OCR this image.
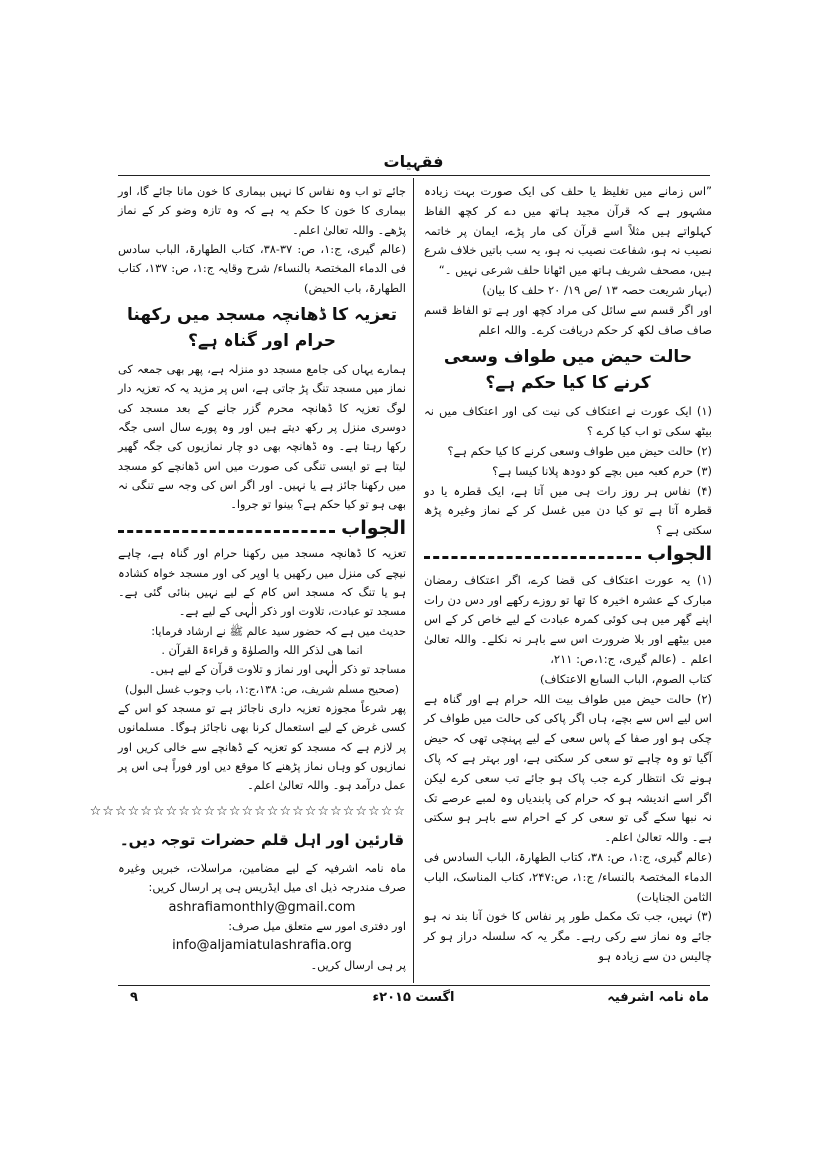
فقہیات

”اس زمانے میں تغلیظ یا حلف کی ایک صورت بہت زیادہ مشہور ہے کہ قرآن مجید ہاتھ میں دے کر کچھ الفاظ کہلواتے ہیں مثلاً اسے قرآن کی مار پڑے، ایمان پر خاتمہ نصیب نہ ہو، شفاعت نصیب نہ ہو، یہ سب باتیں خلاف شرع ہیں، مصحف شریف ہاتھ میں اٹھانا حلف شرعی نہیں ۔“

(بہار شریعت حصہ ۱۳ /ص ۱۹/ ۲۰ حلف کا بیان)

اور اگر قسم سے سائل کی مراد کچھ اور ہے تو الفاظ قسم صاف صاف لکھ کر حکم دریافت کرے۔ واللہ اعلم

حالت حیض میں طواف وسعی کرنے کا کیا حکم ہے؟

(۱) ایک عورت نے اعتکاف کی نیت کی اور اعتکاف میں نہ بیٹھ سکی تو اب کیا کرے ؟

(۲) حالت حیض میں طواف وسعی کرنے کا کیا حکم ہے؟

(۳) حرم کعبہ میں بچے کو دودھ پلانا کیسا ہے؟

(۴) نفاس ہر روز رات ہی میں آتا ہے، ایک قطرہ یا دو قطرہ آتا ہے تو کیا دن میں غسل کر کے نماز وغیرہ پڑھ سکتی ہے ؟

الجواب

(۱) یہ عورت اعتکاف کی قضا کرے، اگر اعتکاف رمضان مبارک کے عشرہ اخیرہ کا تھا تو روزے رکھے اور دس دن رات اپنے گھر میں ہی کوئی کمرہ عبادت کے لیے خاص کر کے اس میں بیٹھے اور بلا ضرورت اس سے باہر نہ نکلے۔ واللہ تعالیٰ اعلم ۔ (عالم گیری، ج:۱،ص: ۲۱۱،

کتاب الصوم، الباب السابع الاعتکاف)

(۲) حالت حیض میں طواف بیت اللہ حرام ہے اور گناہ ہے اس لیے اس سے بچے، ہاں اگر پاکی کی حالت میں طواف کر چکی ہو اور صفا کے پاس سعی کے لیے پہنچی تھی کہ حیض آگیا تو وہ چاہے تو سعی کر سکتی ہے، اور بہتر ہے کہ پاک ہونے تک انتظار کرے جب پاک ہو جائے تب سعی کرے لیکن اگر اسے اندیشہ ہو کہ حرام کی پابندیاں وہ لمبے عرصے تک نہ نبھا سکے گی تو سعی کر کے احرام سے باہر ہو سکتی ہے۔ واللہ تعالیٰ اعلم۔

(عالم گیری، ج:۱، ص: ۳۸، کتاب الطھارۃ، الباب السادس فی الدماء المختصۃ بالنساء/ ج:۱، ص:۲۴۷، کتاب المناسک، الباب الثامن الجنایات)

(۳) نہیں، جب تک مکمل طور پر نفاس کا خون آنا بند نہ ہو جائے وہ نماز سے رکی رہے۔ مگر یہ کہ سلسلہ دراز ہو کر چالیس دن سے زیادہ ہو

جائے تو اب وہ نفاس کا نہیں بیماری کا خون مانا جائے گا، اور بیماری کا خون کا حکم یہ ہے کہ وہ تازہ وضو کر کے نماز پڑھے۔ واللہ تعالیٰ اعلم۔

(عالم گیری، ج:۱، ص: ۳۷-۳۸، کتاب الطھارۃ، الباب سادس فی الدماء المختصۃ بالنساء/ شرح وقایہ ج:۱، ص: ۱۳۷، کتاب الطھارۃ، باب الحیض)

تعزیہ کا ڈھانچہ مسجد میں رکھنا حرام اور گناہ ہے؟

ہمارے یہاں کی جامع مسجد دو منزلہ ہے، پھر بھی جمعہ کی نماز میں مسجد تنگ پڑ جاتی ہے، اس پر مزید یہ کہ تعزیہ دار لوگ تعزیہ کا ڈھانچہ محرم گزر جانے کے بعد مسجد کی دوسری منزل پر رکھ دیتے ہیں اور وہ پورے سال اسی جگہ رکھا رہتا ہے۔ وہ ڈھانچہ بھی دو چار نمازیوں کی جگہ گھیر لیتا ہے تو ایسی تنگی کی صورت میں اس ڈھانچے کو مسجد میں رکھنا جائز ہے یا نہیں۔ اور اگر اس کی وجہ سے تنگی نہ بھی ہو تو کیا حکم ہے؟ بینوا تو جروا۔

الجواب

تعزیہ کا ڈھانچہ مسجد میں رکھنا حرام اور گناہ ہے، چاہے نیچے کی منزل میں رکھیں یا اوپر کی اور مسجد خواہ کشادہ ہو یا تنگ کہ مسجد اس کام کے لیے نہیں بنائی گئی ہے۔ مسجد تو عبادت، تلاوت اور ذکر الٰہی کے لیے ہے۔

حدیث میں ہے کہ حضور سید عالم ﷺ نے ارشاد فرمایا:

انما ھی لذکر اللہ والصلوٰۃ و قراءۃ القرآن .

مساجد تو ذکر الٰہی اور نماز و تلاوت قرآن کے لیے ہیں۔

(صحیح مسلم شریف، ص: ۱۳۸،ج:۱، باب وجوب غسل البول)

پھر شرعاً مجوزہ تعزیہ داری ناجائز ہے تو مسجد کو اس کے کسی غرض کے لیے استعمال کرنا بھی ناجائز ہوگا۔ مسلمانوں پر لازم ہے کہ مسجد کو تعزیہ کے ڈھانچے سے خالی کریں اور نمازیوں کو وہاں نماز پڑھنے کا موقع دیں اور فوراً ہی اس پر عمل درآمد ہو۔ واللہ تعالیٰ اعلم۔

☆☆☆☆☆☆☆☆☆☆☆☆☆☆☆☆☆☆☆☆☆☆☆☆☆

قارئین اور اہل قلم حضرات توجہ دیں۔

ماہ نامہ اشرفیہ کے لیے مضامین، مراسلات، خبریں وغیرہ صرف مندرجہ ذیل ای میل ایڈریس ہی پر ارسال کریں:

ashrafiamonthly@gmail.com

اور دفتری امور سے متعلق میل صرف:

info@aljamiatulashrafia.org

پر ہی ارسال کریں۔

ماہ نامہ اشرفیہ
اگست ۲۰۱۵ء
۹
